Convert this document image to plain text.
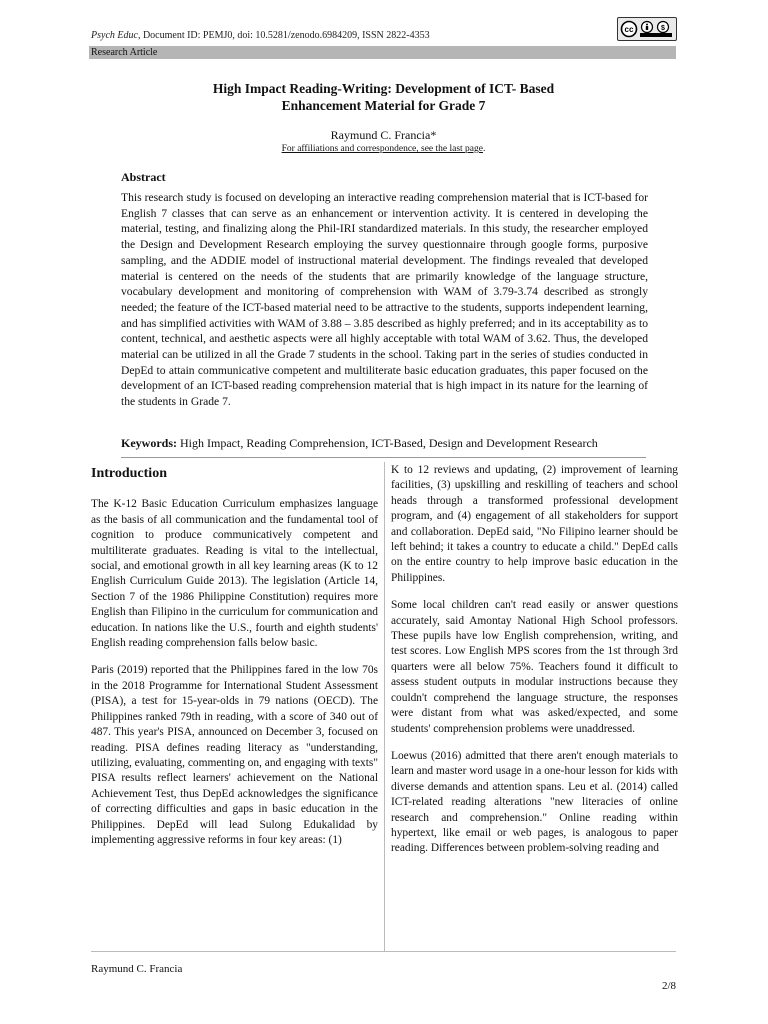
Psych Educ, Document ID: PEMJ0, doi: 10.5281/zenodo.6984209, ISSN 2822-4353
cc	$
Research Article
High Impact Reading-Writing: Development of ICT- Based
Enhancement Material for Grade 7
Raymund C. Francia*
For affiliations and correspondence, see the last page.
Abstract
This research study is focused on developing an interactive reading comprehension material that is ICT-based for English 7 classes that can serve as an enhancement or intervention activity. It is centered in developing the material, testing, and finalizing along the Phil-IRI standardized materials. In this study, the researcher employed the Design and Development Research employing the survey questionnaire through google forms, purposive sampling, and the ADDIE model of instructional material development. The findings revealed that developed material is centered on the needs of the students that are primarily knowledge of the language structure, vocabulary development and monitoring of comprehension with WAM of 3.79-3.74 described as strongly needed; the feature of the ICT-based material need to be attractive to the students, supports independent learning, and has simplified activities with WAM of 3.88 – 3.85 described as highly preferred; and in its acceptability as to content, technical, and aesthetic aspects were all highly acceptable with total WAM of 3.62. Thus, the developed material can be utilized in all the Grade 7 students in the school. Taking part in the series of studies conducted in DepEd to attain communicative competent and multiliterate basic education graduates, this paper focused on the development of an ICT-based reading comprehension material that is high impact in its nature for the learning of the students in Grade 7.
Keywords: High Impact, Reading Comprehension, ICT-Based, Design and Development Research
Introduction

The K-12 Basic Education Curriculum emphasizes language as the basis of all communication and the fundamental tool of cognition to produce communicatively competent and multiliterate graduates. Reading is vital to the intellectual, social, and emotional growth in all key learning areas (K to 12 English Curriculum Guide 2013). The legislation (Article 14, Section 7 of the 1986 Philippine Constitution) requires more English than Filipino in the curriculum for communication and education. In nations like the U.S., fourth and eighth students' English reading comprehension falls below basic.

Paris (2019) reported that the Philippines fared in the low 70s in the 2018 Programme for International Student Assessment (PISA), a test for 15-year-olds in 79 nations (OECD). The Philippines ranked 79th in reading, with a score of 340 out of 487. This year's PISA, announced on December 3, focused on reading. PISA defines reading literacy as "understanding, utilizing, evaluating, commenting on, and engaging with texts" PISA results reflect learners' achievement on the National Achievement Test, thus DepEd acknowledges the significance of correcting difficulties and gaps in basic education in the Philippines. DepEd will lead Sulong Edukalidad by implementing aggressive reforms in four key areas: (1)

K to 12 reviews and updating, (2) improvement of learning facilities, (3) upskilling and reskilling of teachers and school heads through a transformed professional development program, and (4) engagement of all stakeholders for support and collaboration. DepEd said, "No Filipino learner should be left behind; it takes a country to educate a child." DepEd calls on the entire country to help improve basic education in the Philippines.

Some local children can't read easily or answer questions accurately, said Amontay National High School professors. These pupils have low English comprehension, writing, and test scores. Low English MPS scores from the 1st through 3rd quarters were all below 75%. Teachers found it difficult to assess student outputs in modular instructions because they couldn't comprehend the language structure, the responses were distant from what was asked/expected, and some students' comprehension problems were unaddressed.

Loewus (2016) admitted that there aren't enough materials to learn and master word usage in a one-hour lesson for kids with diverse demands and attention spans. Leu et al. (2014) called ICT-related reading alterations "new literacies of online research and comprehension." Online reading within hypertext, like email or web pages, is analogous to paper reading. Differences between problem-solving reading and

Raymund C. Francia
2/8
